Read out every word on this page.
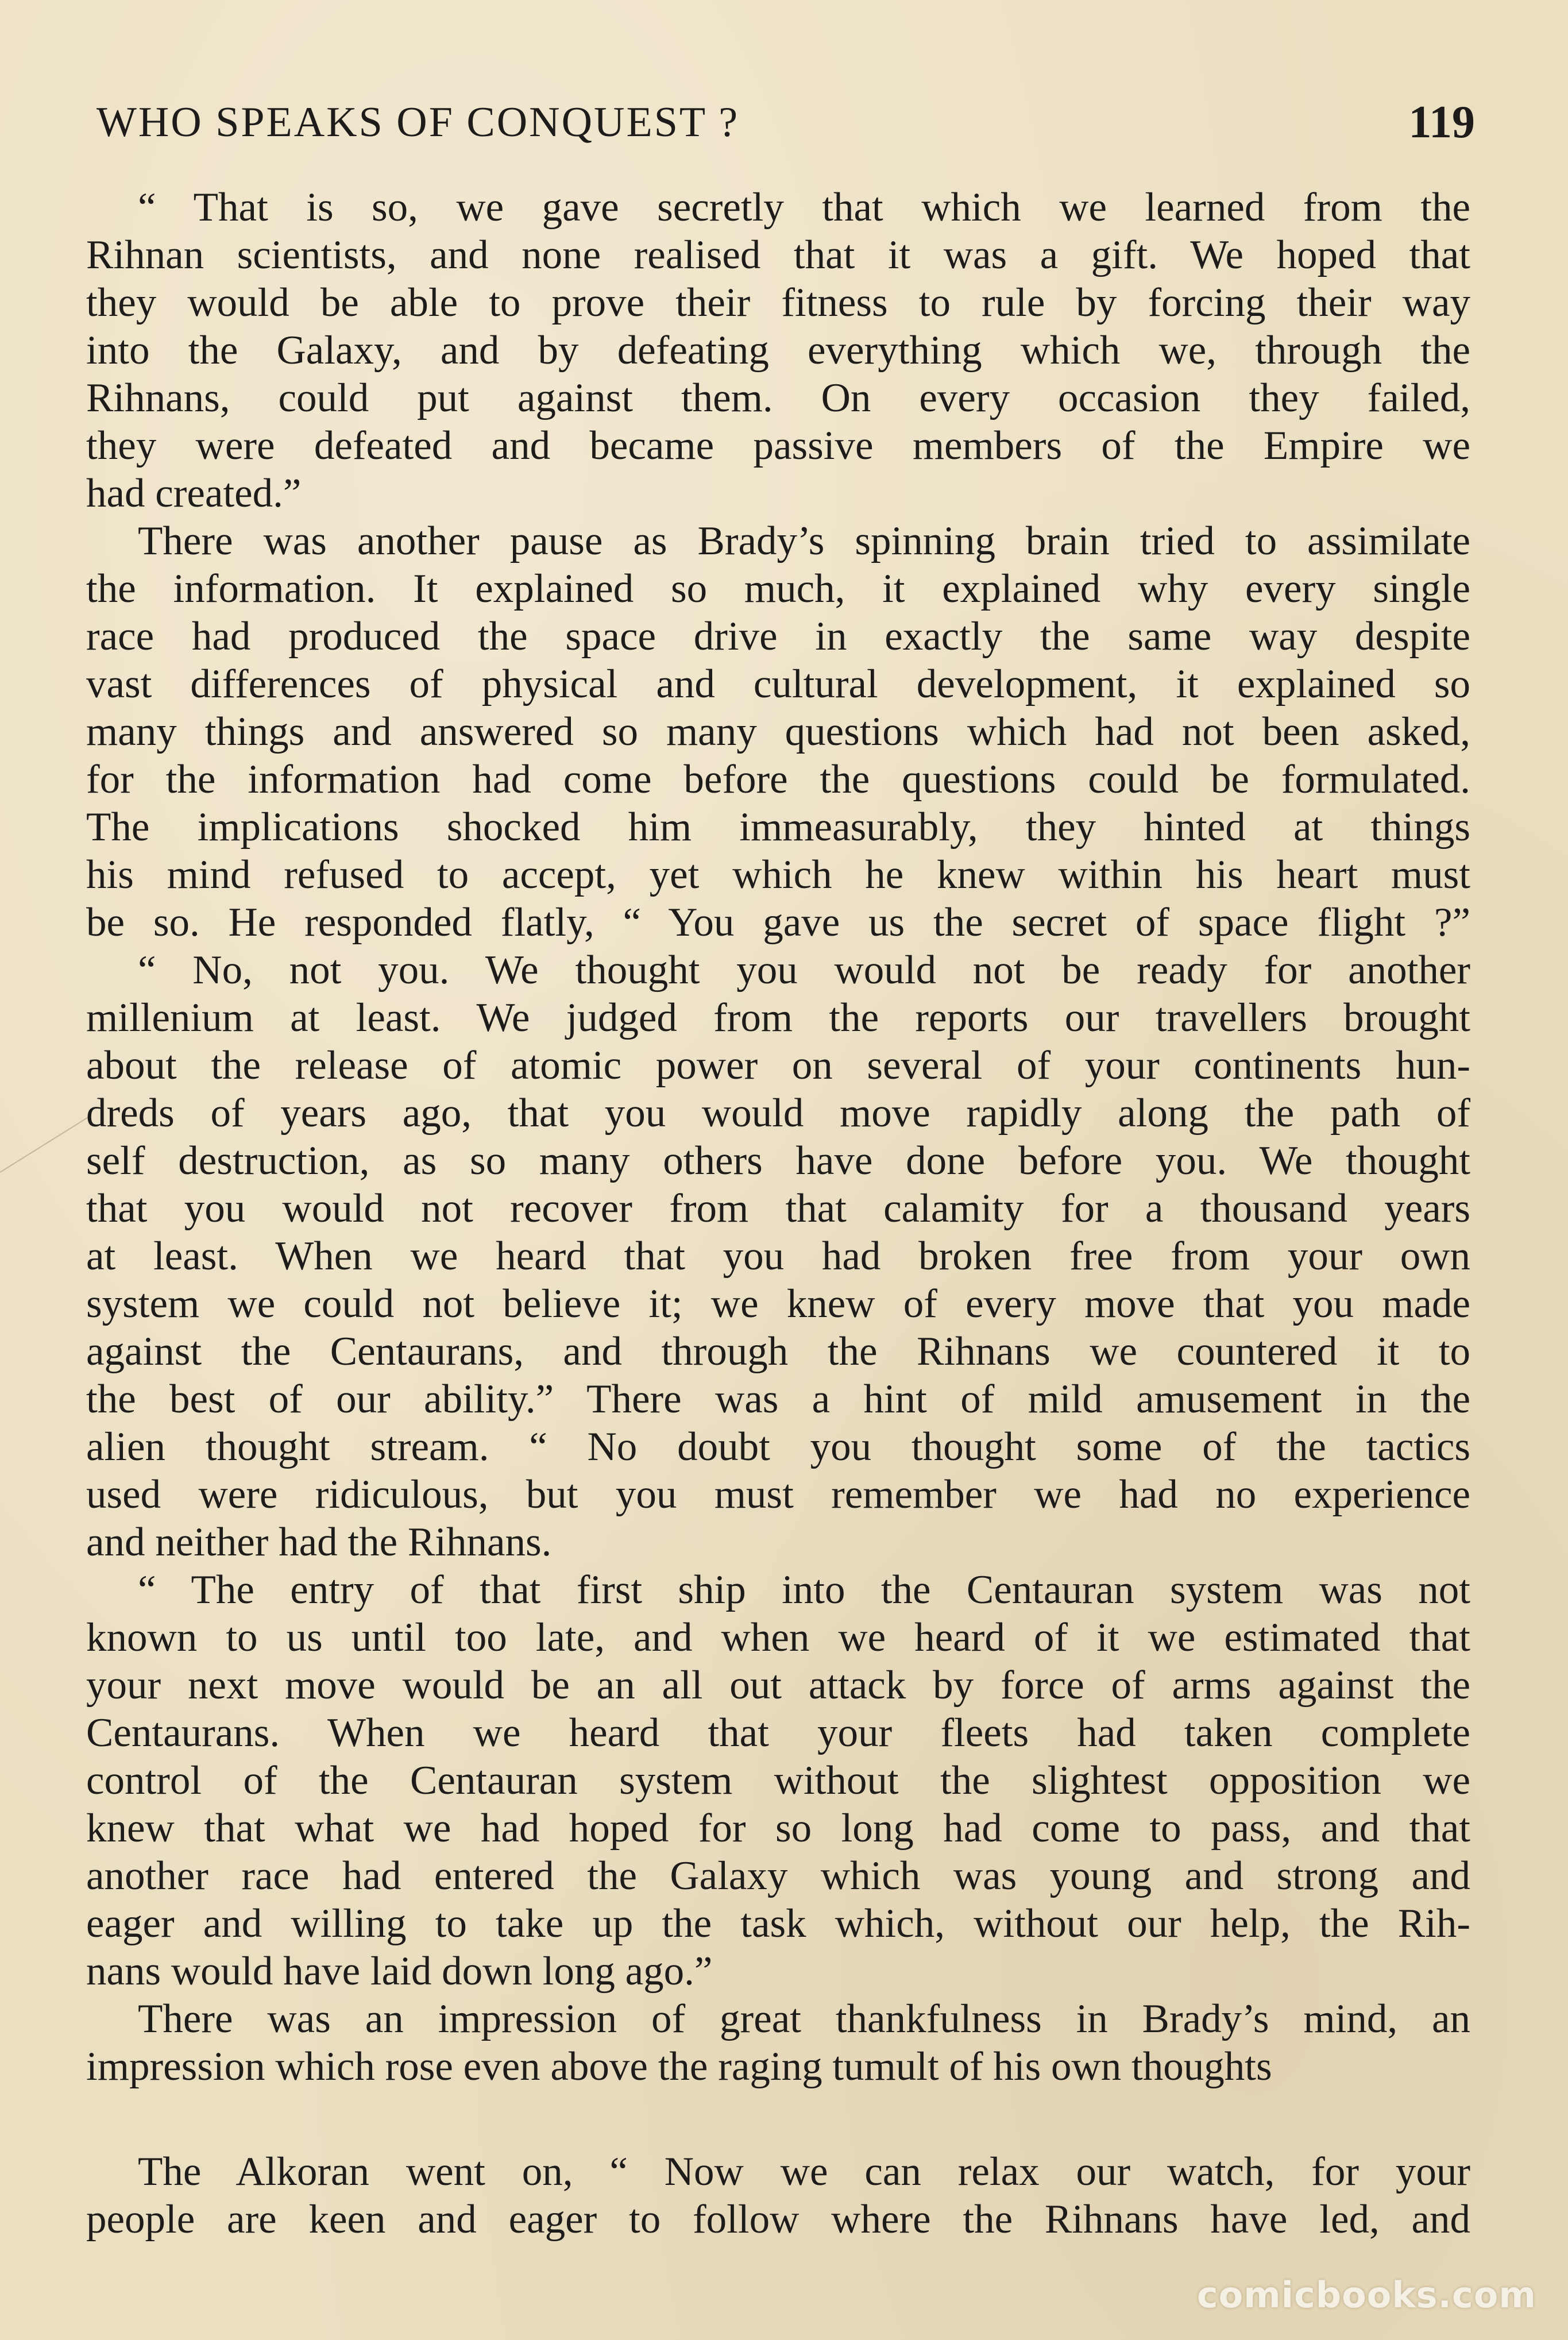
WHO SPEAKS OF CONQUEST ?	119
“ That is so, we gave secretly that which we learned from the
Rihnan scientists, and none realised that it was a gift. We hoped that
they would be able to prove their fitness to rule by forcing their way
into the Galaxy, and by defeating everything which we, through the
Rihnans, could put against them. On every occasion they failed,
they were defeated and became passive members of the Empire we
had created.”
There was another pause as Brady’s spinning brain tried to assimilate
the information. It explained so much, it explained why every single
race had produced the space drive in exactly the same way despite
vast differences of physical and cultural development, it explained so
many things and answered so many questions which had not been asked,
for the information had come before the questions could be formulated.
The implications shocked him immeasurably, they hinted at things
his mind refused to accept, yet which he knew within his heart must
be so. He responded flatly, “ You gave us the secret of space flight ?”
“ No, not you. We thought you would not be ready for another
millenium at least. We judged from the reports our travellers brought
about the release of atomic power on several of your continents hun-
dreds of years ago, that you would move rapidly along the path of
self destruction, as so many others have done before you. We thought
that you would not recover from that calamity for a thousand years
at least. When we heard that you had broken free from your own
system we could not believe it; we knew of every move that you made
against the Centaurans, and through the Rihnans we countered it to
the best of our ability.” There was a hint of mild amusement in the
alien thought stream. “ No doubt you thought some of the tactics
used were ridiculous, but you must remember we had no experience
and neither had the Rihnans.
“ The entry of that first ship into the Centauran system was not
known to us until too late, and when we heard of it we estimated that
your next move would be an all out attack by force of arms against the
Centaurans. When we heard that your fleets had taken complete
control of the Centauran system without the slightest opposition we
knew that what we had hoped for so long had come to pass, and that
another race had entered the Galaxy which was young and strong and
eager and willing to take up the task which, without our help, the Rih-
nans would have laid down long ago.”
There was an impression of great thankfulness in Brady’s mind, an
impression which rose even above the raging tumult of his own thoughts
The Alkoran went on, “ Now we can relax our watch, for your
people are keen and eager to follow where the Rihnans have led, and
comicbooks.com
